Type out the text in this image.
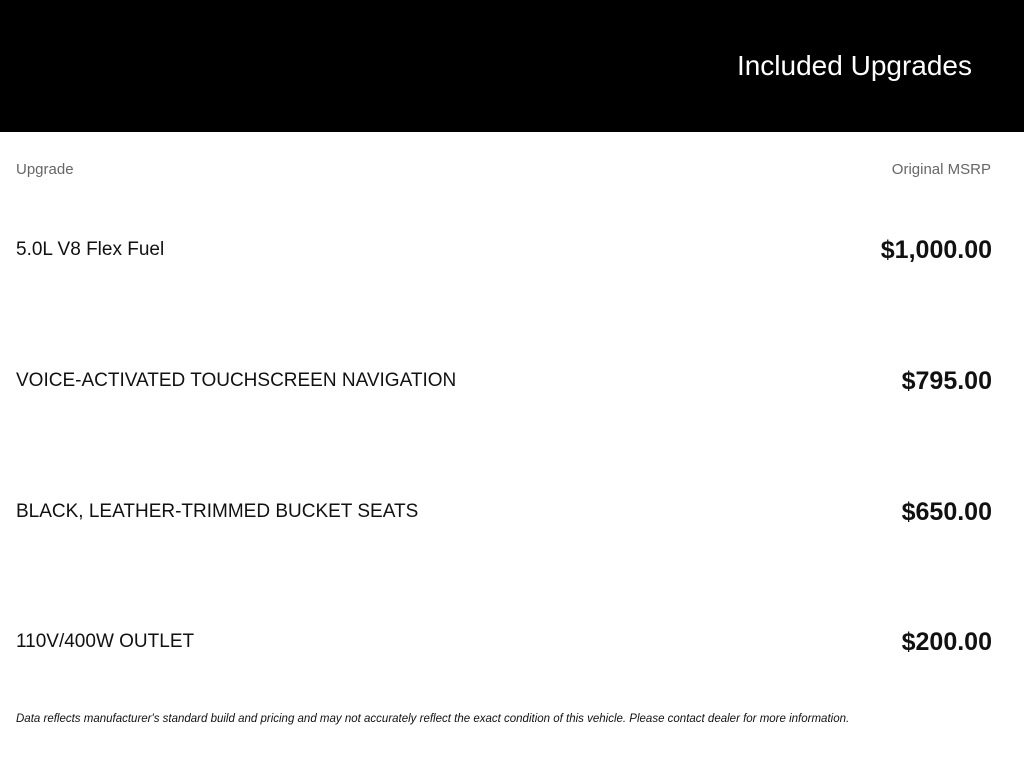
Included Upgrades
Upgrade	Original MSRP
5.0L V8 Flex Fuel	$1,000.00
VOICE-ACTIVATED TOUCHSCREEN NAVIGATION	$795.00
BLACK, LEATHER-TRIMMED BUCKET SEATS	$650.00
110V/400W OUTLET	$200.00
Data reflects manufacturer's standard build and pricing and may not accurately reflect the exact condition of this vehicle. Please contact dealer for more information.
